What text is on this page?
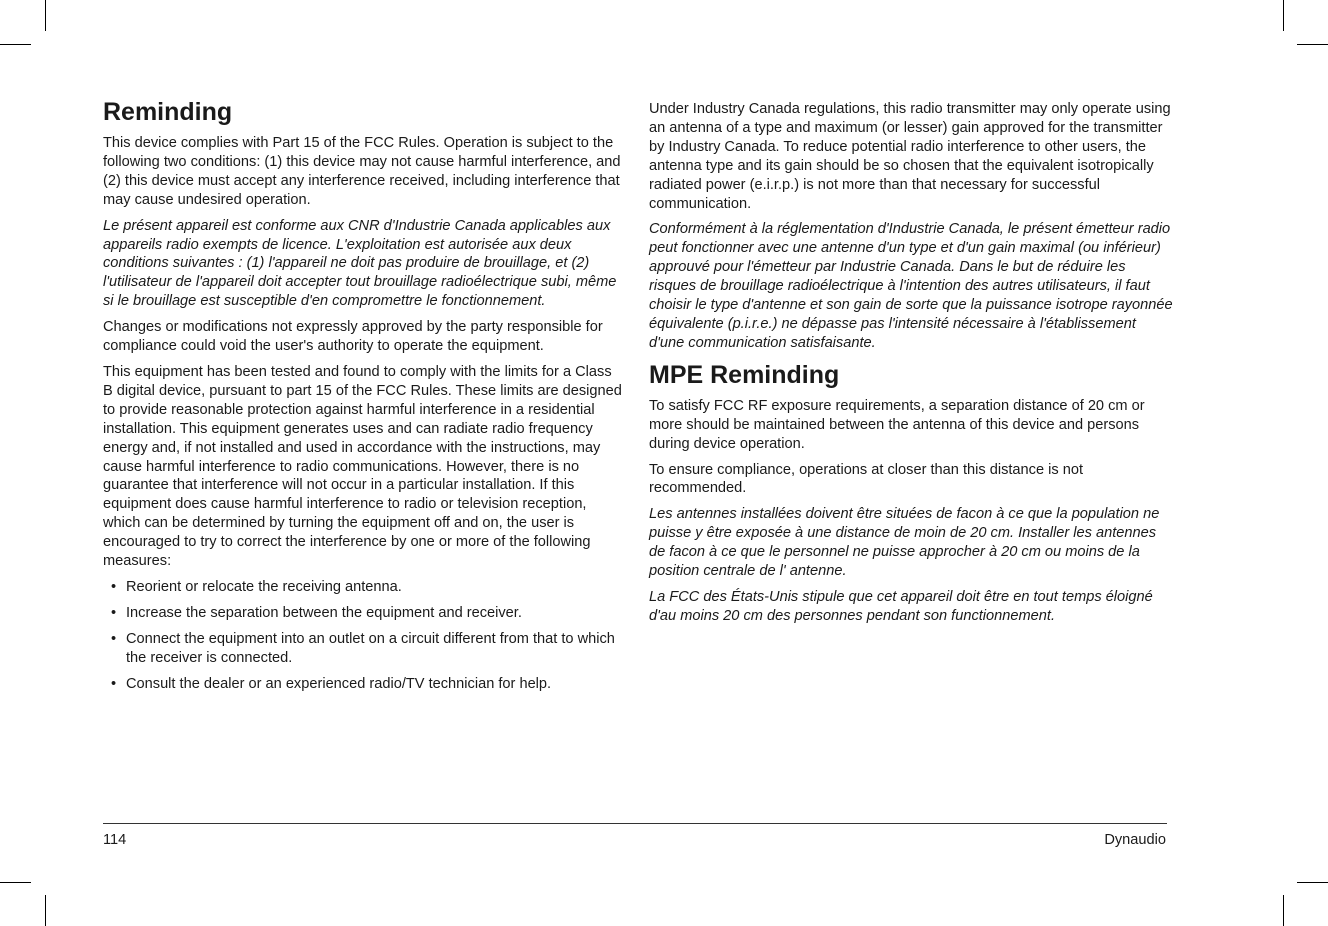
Reminding

This device complies with Part 15 of the FCC Rules. Operation is subject to the following two conditions: (1) this device may not cause harmful interference, and (2) this device must accept any interference received, including interference that may cause undesired operation.

Le présent appareil est conforme aux CNR d'Industrie Canada applicables aux appareils radio exempts de licence. L'exploitation est autorisée aux deux conditions suivantes : (1) l'appareil ne doit pas produire de brouillage, et (2) l'utilisateur de l'appareil doit accepter tout brouillage radioélectrique subi, même si le brouillage est susceptible d'en compromettre le fonctionnement.

Changes or modifications not expressly approved by the party responsible for compliance could void the user's authority to operate the equipment.

This equipment has been tested and found to comply with the limits for a Class B digital device, pursuant to part 15 of the FCC Rules. These limits are designed to provide reasonable protection against harmful interference in a residential installation. This equipment generates uses and can radiate radio frequency energy and, if not installed and used in accordance with the instructions, may cause harmful interference to radio communications. However, there is no guarantee that interference will not occur in a particular installation. If this equipment does cause harmful interference to radio or television reception, which can be determined by turning the equipment off and on, the user is encouraged to try to correct the interference by one or more of the following measures:

• Reorient or relocate the receiving antenna.
• Increase the separation between the equipment and receiver.
• Connect the equipment into an outlet on a circuit different from that to which the receiver is connected.
• Consult the dealer or an experienced radio/TV technician for help.

Under Industry Canada regulations, this radio transmitter may only operate using an antenna of a type and maximum (or lesser) gain approved for the transmitter by Industry Canada. To reduce potential radio interference to other users, the antenna type and its gain should be so chosen that the equivalent isotropically radiated power (e.i.r.p.) is not more than that necessary for successful communication.

Conformément à la réglementation d'Industrie Canada, le présent émetteur radio peut fonctionner avec une antenne d'un type et d'un gain maximal (ou inférieur) approuvé pour l'émetteur par Industrie Canada. Dans le but de réduire les risques de brouillage radioélectrique à l'intention des autres utilisateurs, il faut choisir le type d'antenne et son gain de sorte que la puissance isotrope rayonnée équivalente (p.i.r.e.) ne dépasse pas l'intensité nécessaire à l'établissement d'une communication satisfaisante.

MPE Reminding

To satisfy FCC RF exposure requirements, a separation distance of 20 cm or more should be maintained between the antenna of this device and persons during device operation.

To ensure compliance, operations at closer than this distance is not recommended.

Les antennes installées doivent être situées de facon à ce que la population ne puisse y être exposée à une distance de moin de 20 cm. Installer les antennes de facon à ce que le personnel ne puisse approcher à 20 cm ou moins de la position centrale de l' antenne.

La FCC des États-Unis stipule que cet appareil doit être en tout temps éloigné d'au moins 20 cm des personnes pendant son functionnement.

114	Dynaudio
